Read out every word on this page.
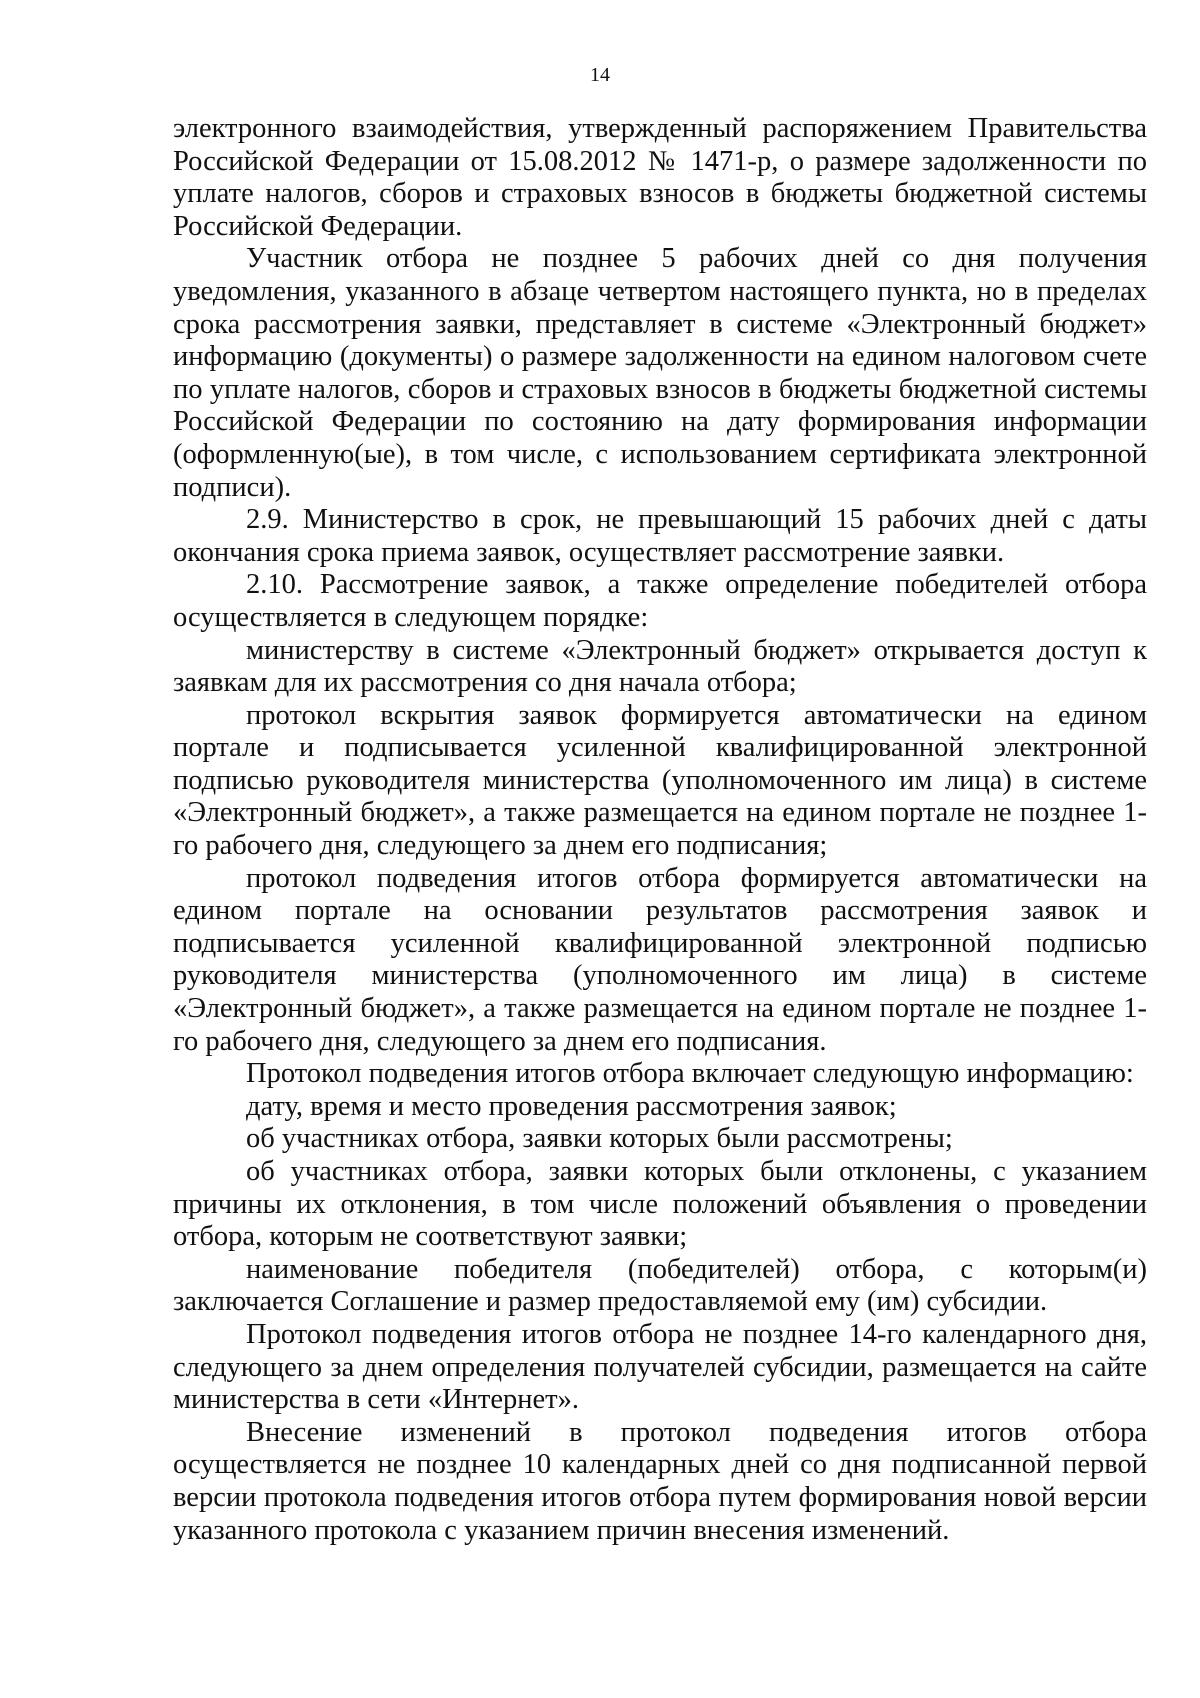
14

электронного взаимодействия, утвержденный распоряжением Правительства Российской Федерации от 15.08.2012 № 1471-р, о размере задолженности по уплате налогов, сборов и страховых взносов в бюджеты бюджетной системы Российской Федерации.

Участник отбора не позднее 5 рабочих дней со дня получения уведомления, указанного в абзаце четвертом настоящего пункта, но в пределах срока рассмотрения заявки, представляет в системе «Электронный бюджет» информацию (документы) о размере задолженности на едином налоговом счете по уплате налогов, сборов и страховых взносов в бюджеты бюджетной системы Российской Федерации по состоянию на дату формирования информации (оформленную(ые), в том числе, с использованием сертификата электронной подписи).

2.9. Министерство в срок, не превышающий 15 рабочих дней с даты окончания срока приема заявок, осуществляет рассмотрение заявки.

2.10. Рассмотрение заявок, а также определение победителей отбора осуществляется в следующем порядке:

министерству в системе «Электронный бюджет» открывается доступ к заявкам для их рассмотрения со дня начала отбора;

протокол вскрытия заявок формируется автоматически на едином портале и подписывается усиленной квалифицированной электронной подписью руководителя министерства (уполномоченного им лица) в системе «Электронный бюджет», а также размещается на едином портале не позднее 1-го рабочего дня, следующего за днем его подписания;

протокол подведения итогов отбора формируется автоматически на едином портале на основании результатов рассмотрения заявок и подписывается усиленной квалифицированной электронной подписью руководителя министерства (уполномоченного им лица) в системе «Электронный бюджет», а также размещается на едином портале не позднее 1-го рабочего дня, следующего за днем его подписания.

Протокол подведения итогов отбора включает следующую информацию:

дату, время и место проведения рассмотрения заявок;

об участниках отбора, заявки которых были рассмотрены;

об участниках отбора, заявки которых были отклонены, с указанием причины их отклонения, в том числе положений объявления о проведении отбора, которым не соответствуют заявки;

наименование победителя (победителей) отбора, с которым(и) заключается Соглашение и размер предоставляемой ему (им) субсидии.

Протокол подведения итогов отбора не позднее 14-го календарного дня, следующего за днем определения получателей субсидии, размещается на сайте министерства в сети «Интернет».

Внесение изменений в протокол подведения итогов отбора осуществляется не позднее 10 календарных дней со дня подписанной первой версии протокола подведения итогов отбора путем формирования новой версии указанного протокола с указанием причин внесения изменений.
